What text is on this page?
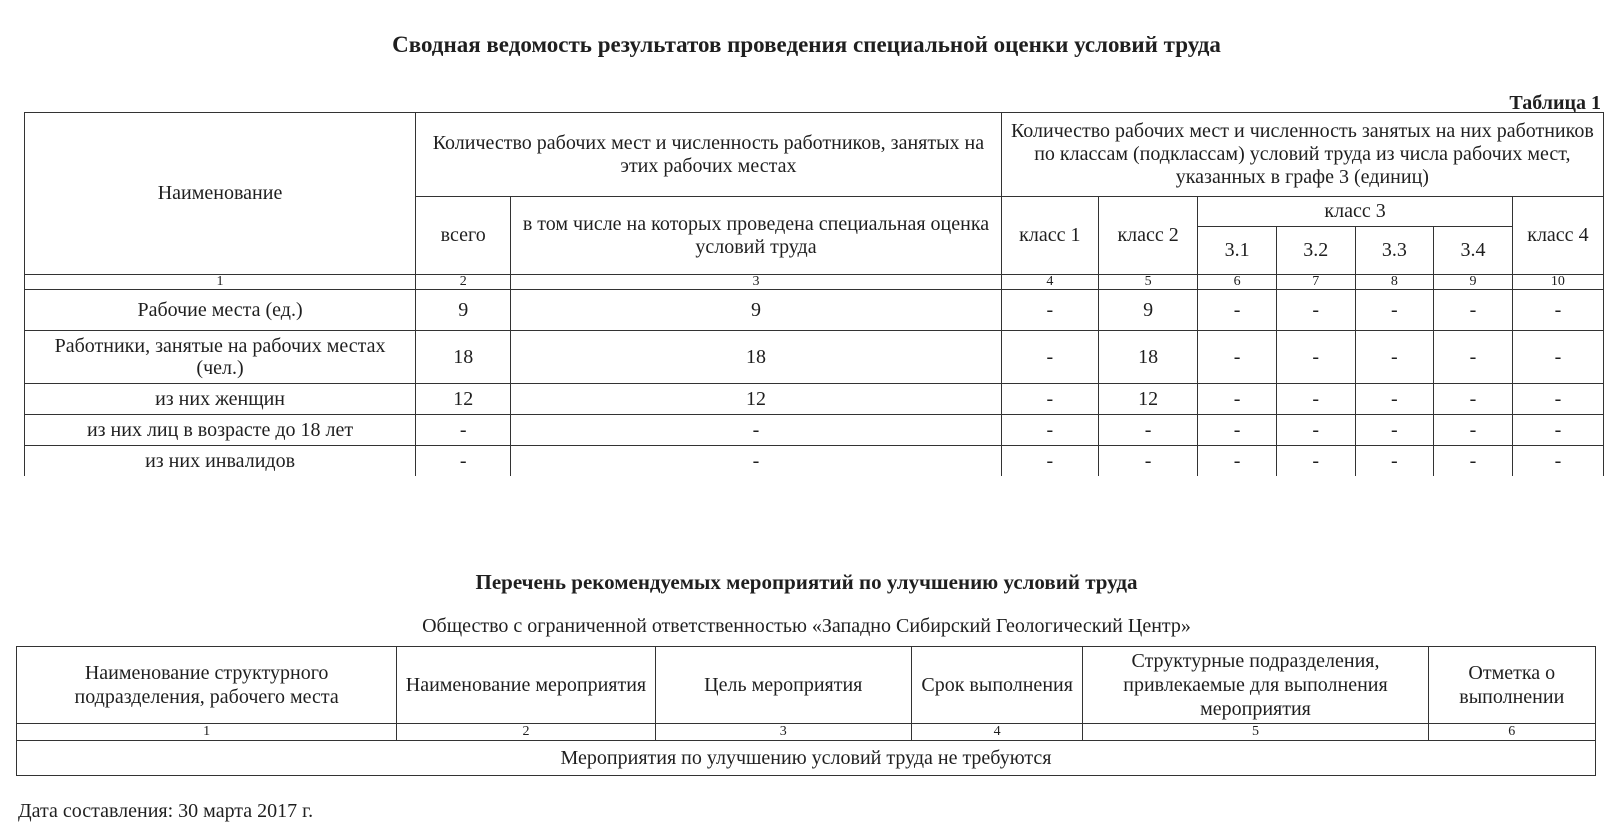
Сводная ведомость результатов проведения специальной оценки условий труда
Таблица 1
Наименование	Количество рабочих мест и численность работников, занятых на этих рабочих местах		Количество рабочих мест и численность занятых на них работников по классам (подклассам) условий труда из числа рабочих мест, указанных в графе 3 (единиц)						
	всего	в том числе на которых проведена специальная оценка условий труда	класс 1	класс 2	класс 3				класс 4
					3.1	3.2	3.3	3.4	
1	2	3	4	5	6	7	8	9	10
Рабочие места (ед.)	9	9	-	9	-	-	-	-	-
Работники, занятые на рабочих местах (чел.)	18	18	-	18	-	-	-	-	-
из них женщин	12	12	-	12	-	-	-	-	-
из них лиц в возрасте до 18 лет	-	-	-	-	-	-	-	-	-
из них инвалидов	-	-	-	-	-	-	-	-	-
Перечень рекомендуемых мероприятий по улучшению условий труда
Общество с ограниченной ответственностью «Западно Сибирский Геологический Центр»
Наименование структурного подразделения, рабочего места	Наименование мероприятия	Цель мероприятия	Срок выполнения	Структурные подразделения, привлекаемые для выполнения мероприятия	Отметка о выполнении
1	2	3	4	5	6
Мероприятия по улучшению условий труда не требуются					
Дата составления: 30 марта 2017 г.
